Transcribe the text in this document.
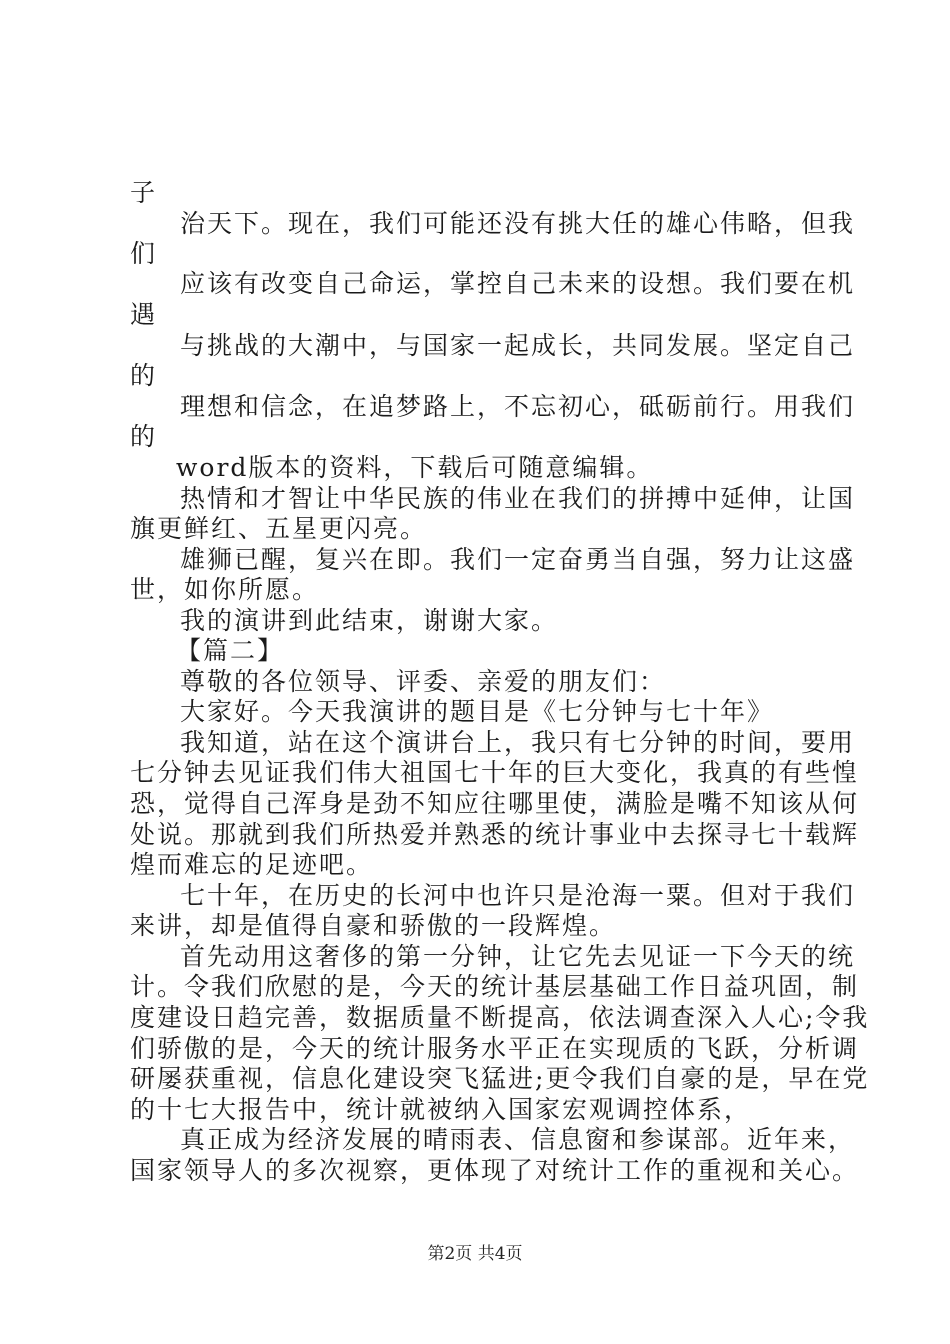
子
治天下。现在，我们可能还没有挑大任的雄心伟略，但我
们
应该有改变自己命运，掌控自己未来的设想。我们要在机
遇
与挑战的大潮中，与国家一起成长，共同发展。坚定自己
的
理想和信念，在追梦路上，不忘初心，砥砺前行。用我们
的
word版本的资料，下载后可随意编辑。
热情和才智让中华民族的伟业在我们的拼搏中延伸，让国
旗更鲜红、五星更闪亮。
雄狮已醒，复兴在即。我们一定奋勇当自强，努力让这盛
世，如你所愿。
我的演讲到此结束，谢谢大家。
【篇二】
尊敬的各位领导、评委、亲爱的朋友们：
大家好。今天我演讲的题目是《七分钟与七十年》
我知道，站在这个演讲台上，我只有七分钟的时间，要用
七分钟去见证我们伟大祖国七十年的巨大变化，我真的有些惶
恐，觉得自己浑身是劲不知应往哪里使，满脸是嘴不知该从何
处说。那就到我们所热爱并熟悉的统计事业中去探寻七十载辉
煌而难忘的足迹吧。
七十年，在历史的长河中也许只是沧海一粟。但对于我们
来讲，却是值得自豪和骄傲的一段辉煌。
首先动用这奢侈的第一分钟，让它先去见证一下今天的统
计。令我们欣慰的是，今天的统计基层基础工作日益巩固，制
度建设日趋完善，数据质量不断提高，依法调查深入人心;令我
们骄傲的是，今天的统计服务水平正在实现质的飞跃，分析调
研屡获重视，信息化建设突飞猛进;更令我们自豪的是，早在党
的十七大报告中，统计就被纳入国家宏观调控体系，
真正成为经济发展的晴雨表、信息窗和参谋部。近年来，
国家领导人的多次视察，更体现了对统计工作的重视和关心。
第2页 共4页
